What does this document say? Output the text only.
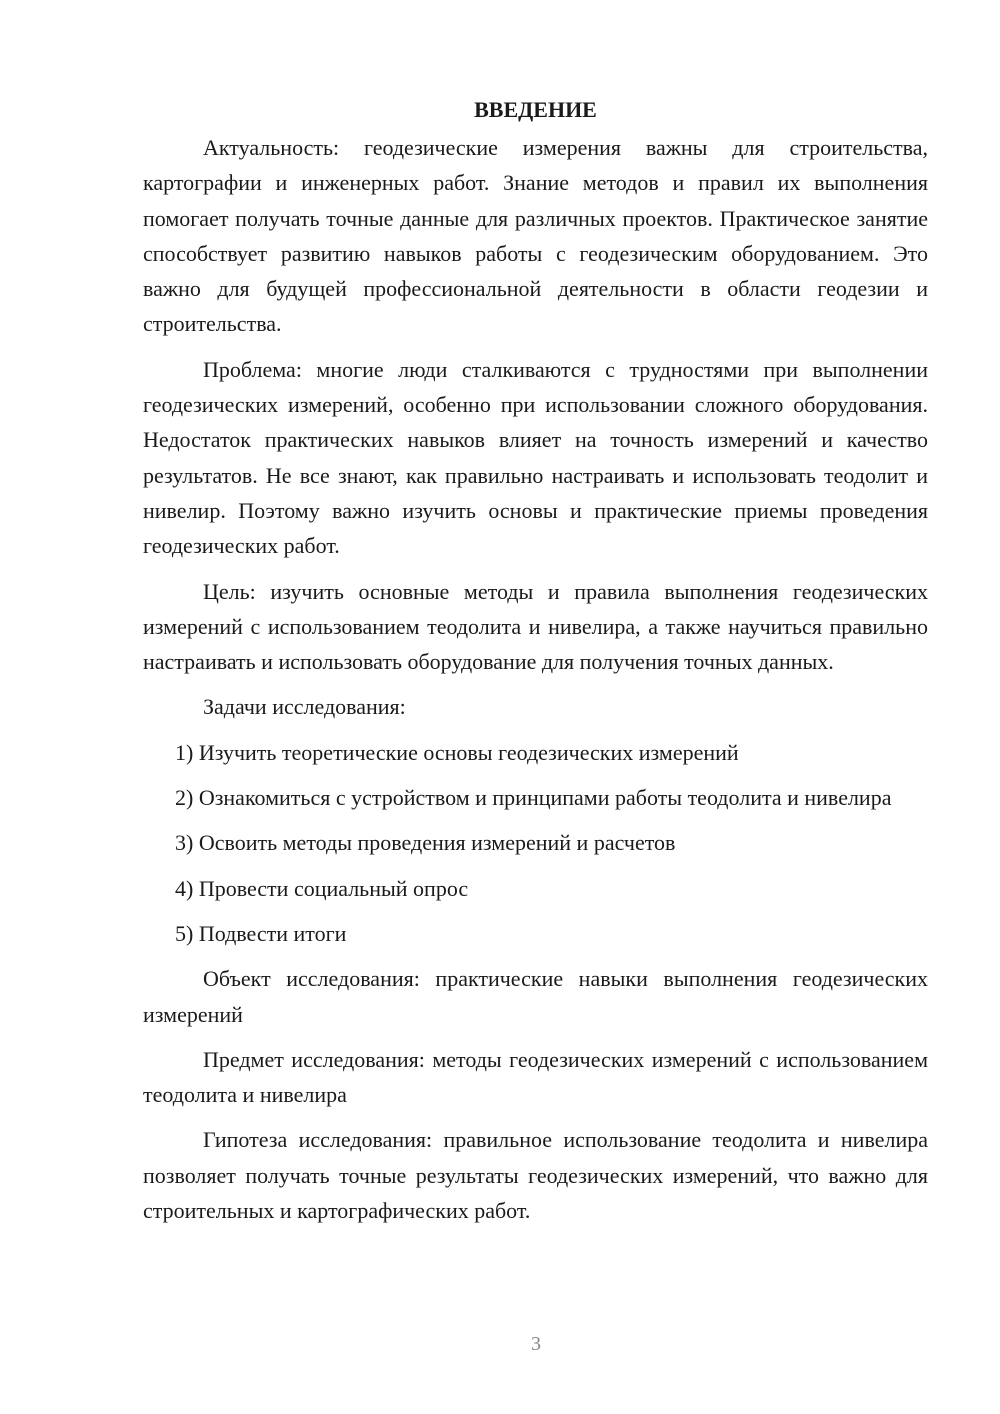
ВВЕДЕНИЕ

Актуальность: геодезические измерения важны для строительства, картографии и инженерных работ. Знание методов и правил их выполнения помогает получать точные данные для различных проектов. Практическое занятие способствует развитию навыков работы с геодезическим оборудованием. Это важно для будущей профессиональной деятельности в области геодезии и строительства.

Проблема: многие люди сталкиваются с трудностями при выполнении геодезических измерений, особенно при использовании сложного оборудования. Недостаток практических навыков влияет на точность измерений и качество результатов. Не все знают, как правильно настраивать и использовать теодолит и нивелир. Поэтому важно изучить основы и практические приемы проведения геодезических работ.

Цель: изучить основные методы и правила выполнения геодезических измерений с использованием теодолита и нивелира, а также научиться правильно настраивать и использовать оборудование для получения точных данных.

Задачи исследования:

1) Изучить теоретические основы геодезических измерений

2) Ознакомиться с устройством и принципами работы теодолита и нивелира

3) Освоить методы проведения измерений и расчетов

4) Провести социальный опрос

5) Подвести итоги

Объект исследования: практические навыки выполнения геодезических измерений

Предмет исследования: методы геодезических измерений с использованием теодолита и нивелира

Гипотеза исследования: правильное использование теодолита и нивелира позволяет получать точные результаты геодезических измерений, что важно для строительных и картографических работ.

3
